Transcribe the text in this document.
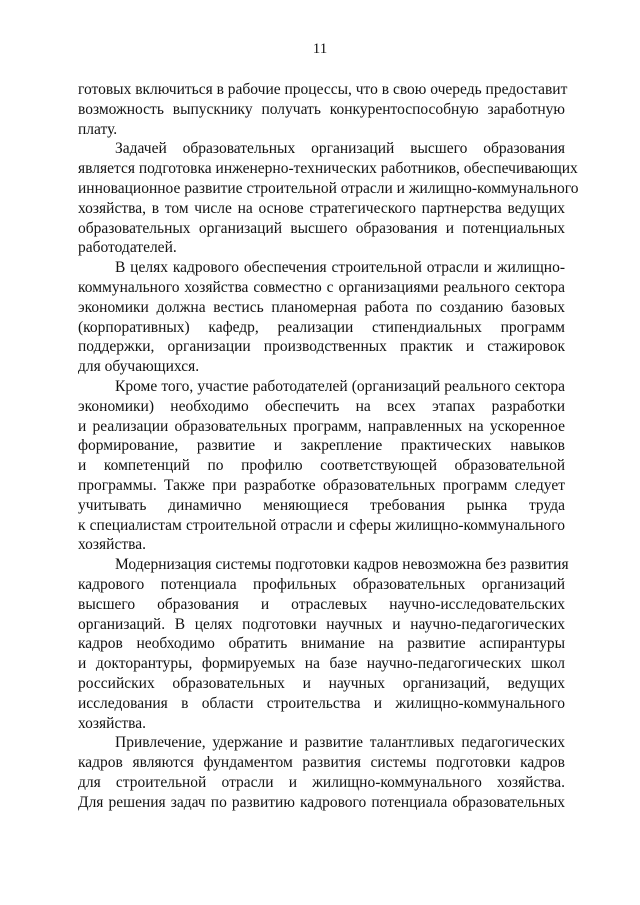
11
готовых включиться в рабочие процессы, что в свою очередь предоставит
возможность выпускнику получать конкурентоспособную заработную
плату.
Задачей образовательных организаций высшего образования
является подготовка инженерно-технических работников, обеспечивающих
инновационное развитие строительной отрасли и жилищно-коммунального
хозяйства, в том числе на основе стратегического партнерства ведущих
образовательных организаций высшего образования и потенциальных
работодателей.
В целях кадрового обеспечения строительной отрасли и жилищно-
коммунального хозяйства совместно с организациями реального сектора
экономики должна вестись планомерная работа по созданию базовых
(корпоративных) кафедр, реализации стипендиальных программ
поддержки, организации производственных практик и стажировок
для обучающихся.
Кроме того, участие работодателей (организаций реального сектора
экономики) необходимо обеспечить на всех этапах разработки
и реализации образовательных программ, направленных на ускоренное
формирование, развитие и закрепление практических навыков
и компетенций по профилю соответствующей образовательной
программы. Также при разработке образовательных программ следует
учитывать динамично меняющиеся требования рынка труда
к специалистам строительной отрасли и сферы жилищно-коммунального
хозяйства.
Модернизация системы подготовки кадров невозможна без развития
кадрового потенциала профильных образовательных организаций
высшего образования и отраслевых научно-исследовательских
организаций. В целях подготовки научных и научно-педагогических
кадров необходимо обратить внимание на развитие аспирантуры
и докторантуры, формируемых на базе научно-педагогических школ
российских образовательных и научных организаций, ведущих
исследования в области строительства и жилищно-коммунального
хозяйства.
Привлечение, удержание и развитие талантливых педагогических
кадров являются фундаментом развития системы подготовки кадров
для строительной отрасли и жилищно-коммунального хозяйства.
Для решения задач по развитию кадрового потенциала образовательных
